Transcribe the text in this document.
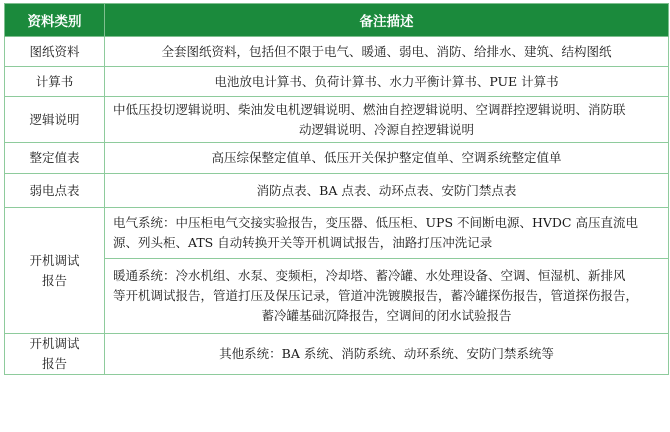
资料类别	备注描述
图纸资料	全套图纸资料，包括但不限于电气、暖通、弱电、消防、给排水、建筑、结构图纸
计算书	电池放电计算书、负荷计算书、水力平衡计算书、PUE 计算书
逻辑说明	中低压投切逻辑说明、柴油发电机逻辑说明、燃油自控逻辑说明、空调群控逻辑说明、消防联
动逻辑说明、冷源自控逻辑说明

整定值表	高压综保整定值单、低压开关保护整定值单、空调系统整定值单
弱电点表	消防点表、BA 点表、动环点表、安防门禁点表

开机调试
报告	电气系统：中压柜电气交接实验报告，变压器、低压柜、UPS 不间断电源、HVDC 高压直流电
源、列头柜、ATS 自动转换开关等开机调试报告，油路打压冲洗记录

	暖通系统：冷水机组、水泵、变频柜，冷却塔、蓄冷罐、水处理设备、空调、恒湿机、新排风
等开机调试报告，管道打压及保压记录，管道冲洗镀膜报告，蓄冷罐探伤报告，管道探伤报告，
蓄冷罐基础沉降报告，空调间的闭水试验报告

开机调试
报告	其他系统：BA 系统、消防系统、动环系统、安防门禁系统等
